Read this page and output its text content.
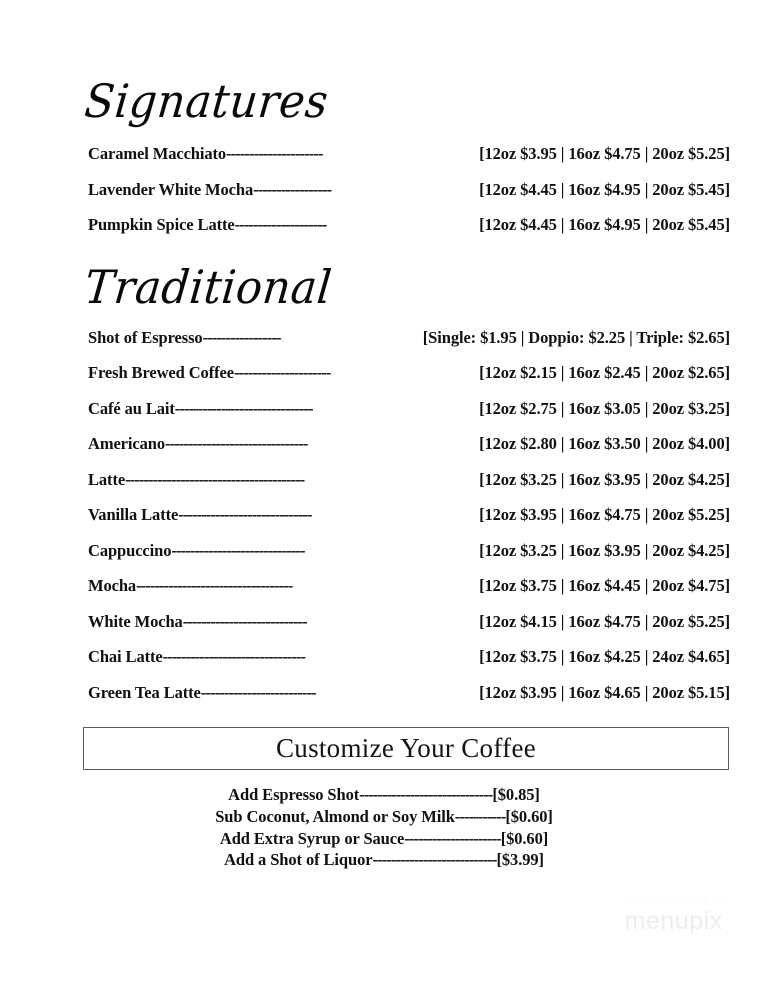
Signatures
Caramel Macchiato ---------------------	[12oz $3.95 | 16oz $4.75 | 20oz $5.25]
Lavender White Mocha -----------------	[12oz $4.45 | 16oz $4.95 | 20oz $5.45]
Pumpkin Spice Latte --------------------	[12oz $4.45 | 16oz $4.95 | 20oz $5.45]
Traditional
Shot of Espresso -----------------	[Single: $1.95 | Doppio: $2.25 | Triple: $2.65]
Fresh Brewed Coffee ---------------------	[12oz $2.15 | 16oz $2.45 | 20oz $2.65]
Café au Lait ------------------------------	[12oz $2.75 | 16oz $3.05 | 20oz $3.25]
Americano -------------------------------	[12oz $2.80 | 16oz $3.50 | 20oz $4.00]
Latte ---------------------------------------	[12oz $3.25 | 16oz $3.95 | 20oz $4.25]
Vanilla Latte -----------------------------	[12oz $3.95 | 16oz $4.75 | 20oz $5.25]
Cappuccino -----------------------------	[12oz $3.25 | 16oz $3.95 | 20oz $4.25]
Mocha ----------------------------------	[12oz $3.75 | 16oz $4.45 | 20oz $4.75]
White Mocha ---------------------------	[12oz $4.15 | 16oz $4.75 | 20oz $5.25]
Chai Latte -------------------------------	[12oz $3.75 | 16oz $4.25 | 24oz $4.65]
Green Tea Latte -------------------------	[12oz $3.95 | 16oz $4.65 | 20oz $5.15]
Customize Your Coffee
Add Espresso Shot ----------------------------- [$0.85]
Sub Coconut, Almond or Soy Milk ----------- [$0.60]
Add Extra Syrup or Sauce --------------------- [$0.60]
Add a Shot of Liquor --------------------------- [$3.99]
full menu online at
menupix
